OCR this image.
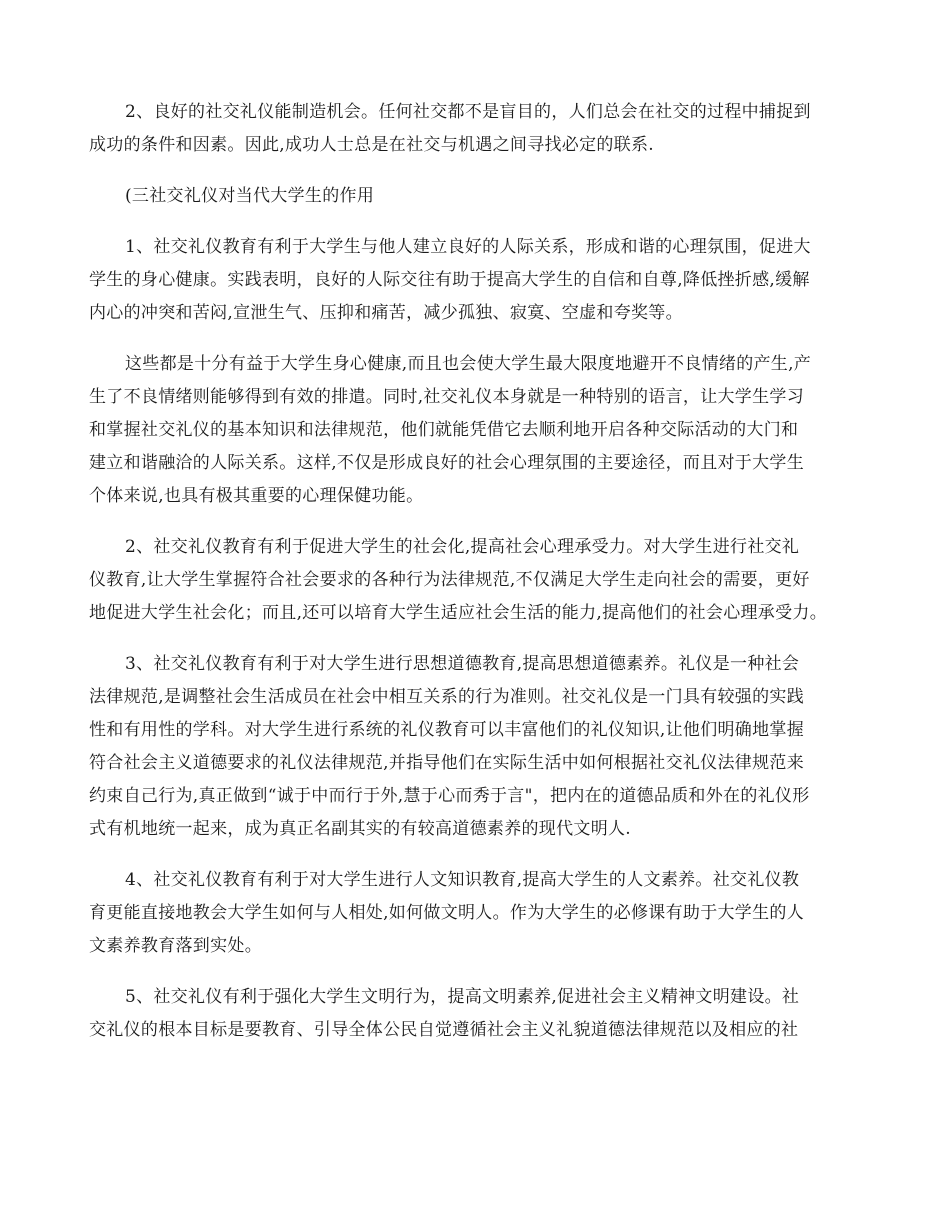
2、良好的社交礼仪能制造机会。任何社交都不是盲目的，人们总会在社交的过程中捕捉到
成功的条件和因素。因此,成功人士总是在社交与机遇之间寻找必定的联系.
(三社交礼仪对当代大学生的作用
1、社交礼仪教育有利于大学生与他人建立良好的人际关系，形成和谐的心理氛围，促进大
学生的身心健康。实践表明，良好的人际交往有助于提高大学生的自信和自尊,降低挫折感,缓解
内心的冲突和苦闷,宣泄生气、压抑和痛苦，减少孤独、寂寞、空虚和夸奖等。
这些都是十分有益于大学生身心健康,而且也会使大学生最大限度地避开不良情绪的产生,产
生了不良情绪则能够得到有效的排遣。同时,社交礼仪本身就是一种特别的语言，让大学生学习
和掌握社交礼仪的基本知识和法律规范，他们就能凭借它去顺利地开启各种交际活动的大门和
建立和谐融洽的人际关系。这样,不仅是形成良好的社会心理氛围的主要途径，而且对于大学生
个体来说,也具有极其重要的心理保健功能。
2、社交礼仪教育有利于促进大学生的社会化,提高社会心理承受力。对大学生进行社交礼
仪教育,让大学生掌握符合社会要求的各种行为法律规范,不仅满足大学生走向社会的需要，更好
地促进大学生社会化；而且,还可以培育大学生适应社会生活的能力,提高他们的社会心理承受力。
3、社交礼仪教育有利于对大学生进行思想道德教育,提高思想道德素养。礼仪是一种社会
法律规范,是调整社会生活成员在社会中相互关系的行为准则。社交礼仪是一门具有较强的实践
性和有用性的学科。对大学生进行系统的礼仪教育可以丰富他们的礼仪知识,让他们明确地掌握
符合社会主义道德要求的礼仪法律规范,并指导他们在实际生活中如何根据社交礼仪法律规范来
约束自己行为,真正做到“诚于中而行于外,慧于心而秀于言"，把内在的道德品质和外在的礼仪形
式有机地统一起来，成为真正名副其实的有较高道德素养的现代文明人.
4、社交礼仪教育有利于对大学生进行人文知识教育,提高大学生的人文素养。社交礼仪教
育更能直接地教会大学生如何与人相处,如何做文明人。作为大学生的必修课有助于大学生的人
文素养教育落到实处。
5、社交礼仪有利于强化大学生文明行为，提高文明素养,促进社会主义精神文明建设。社
交礼仪的根本目标是要教育、引导全体公民自觉遵循社会主义礼貌道德法律规范以及相应的社
